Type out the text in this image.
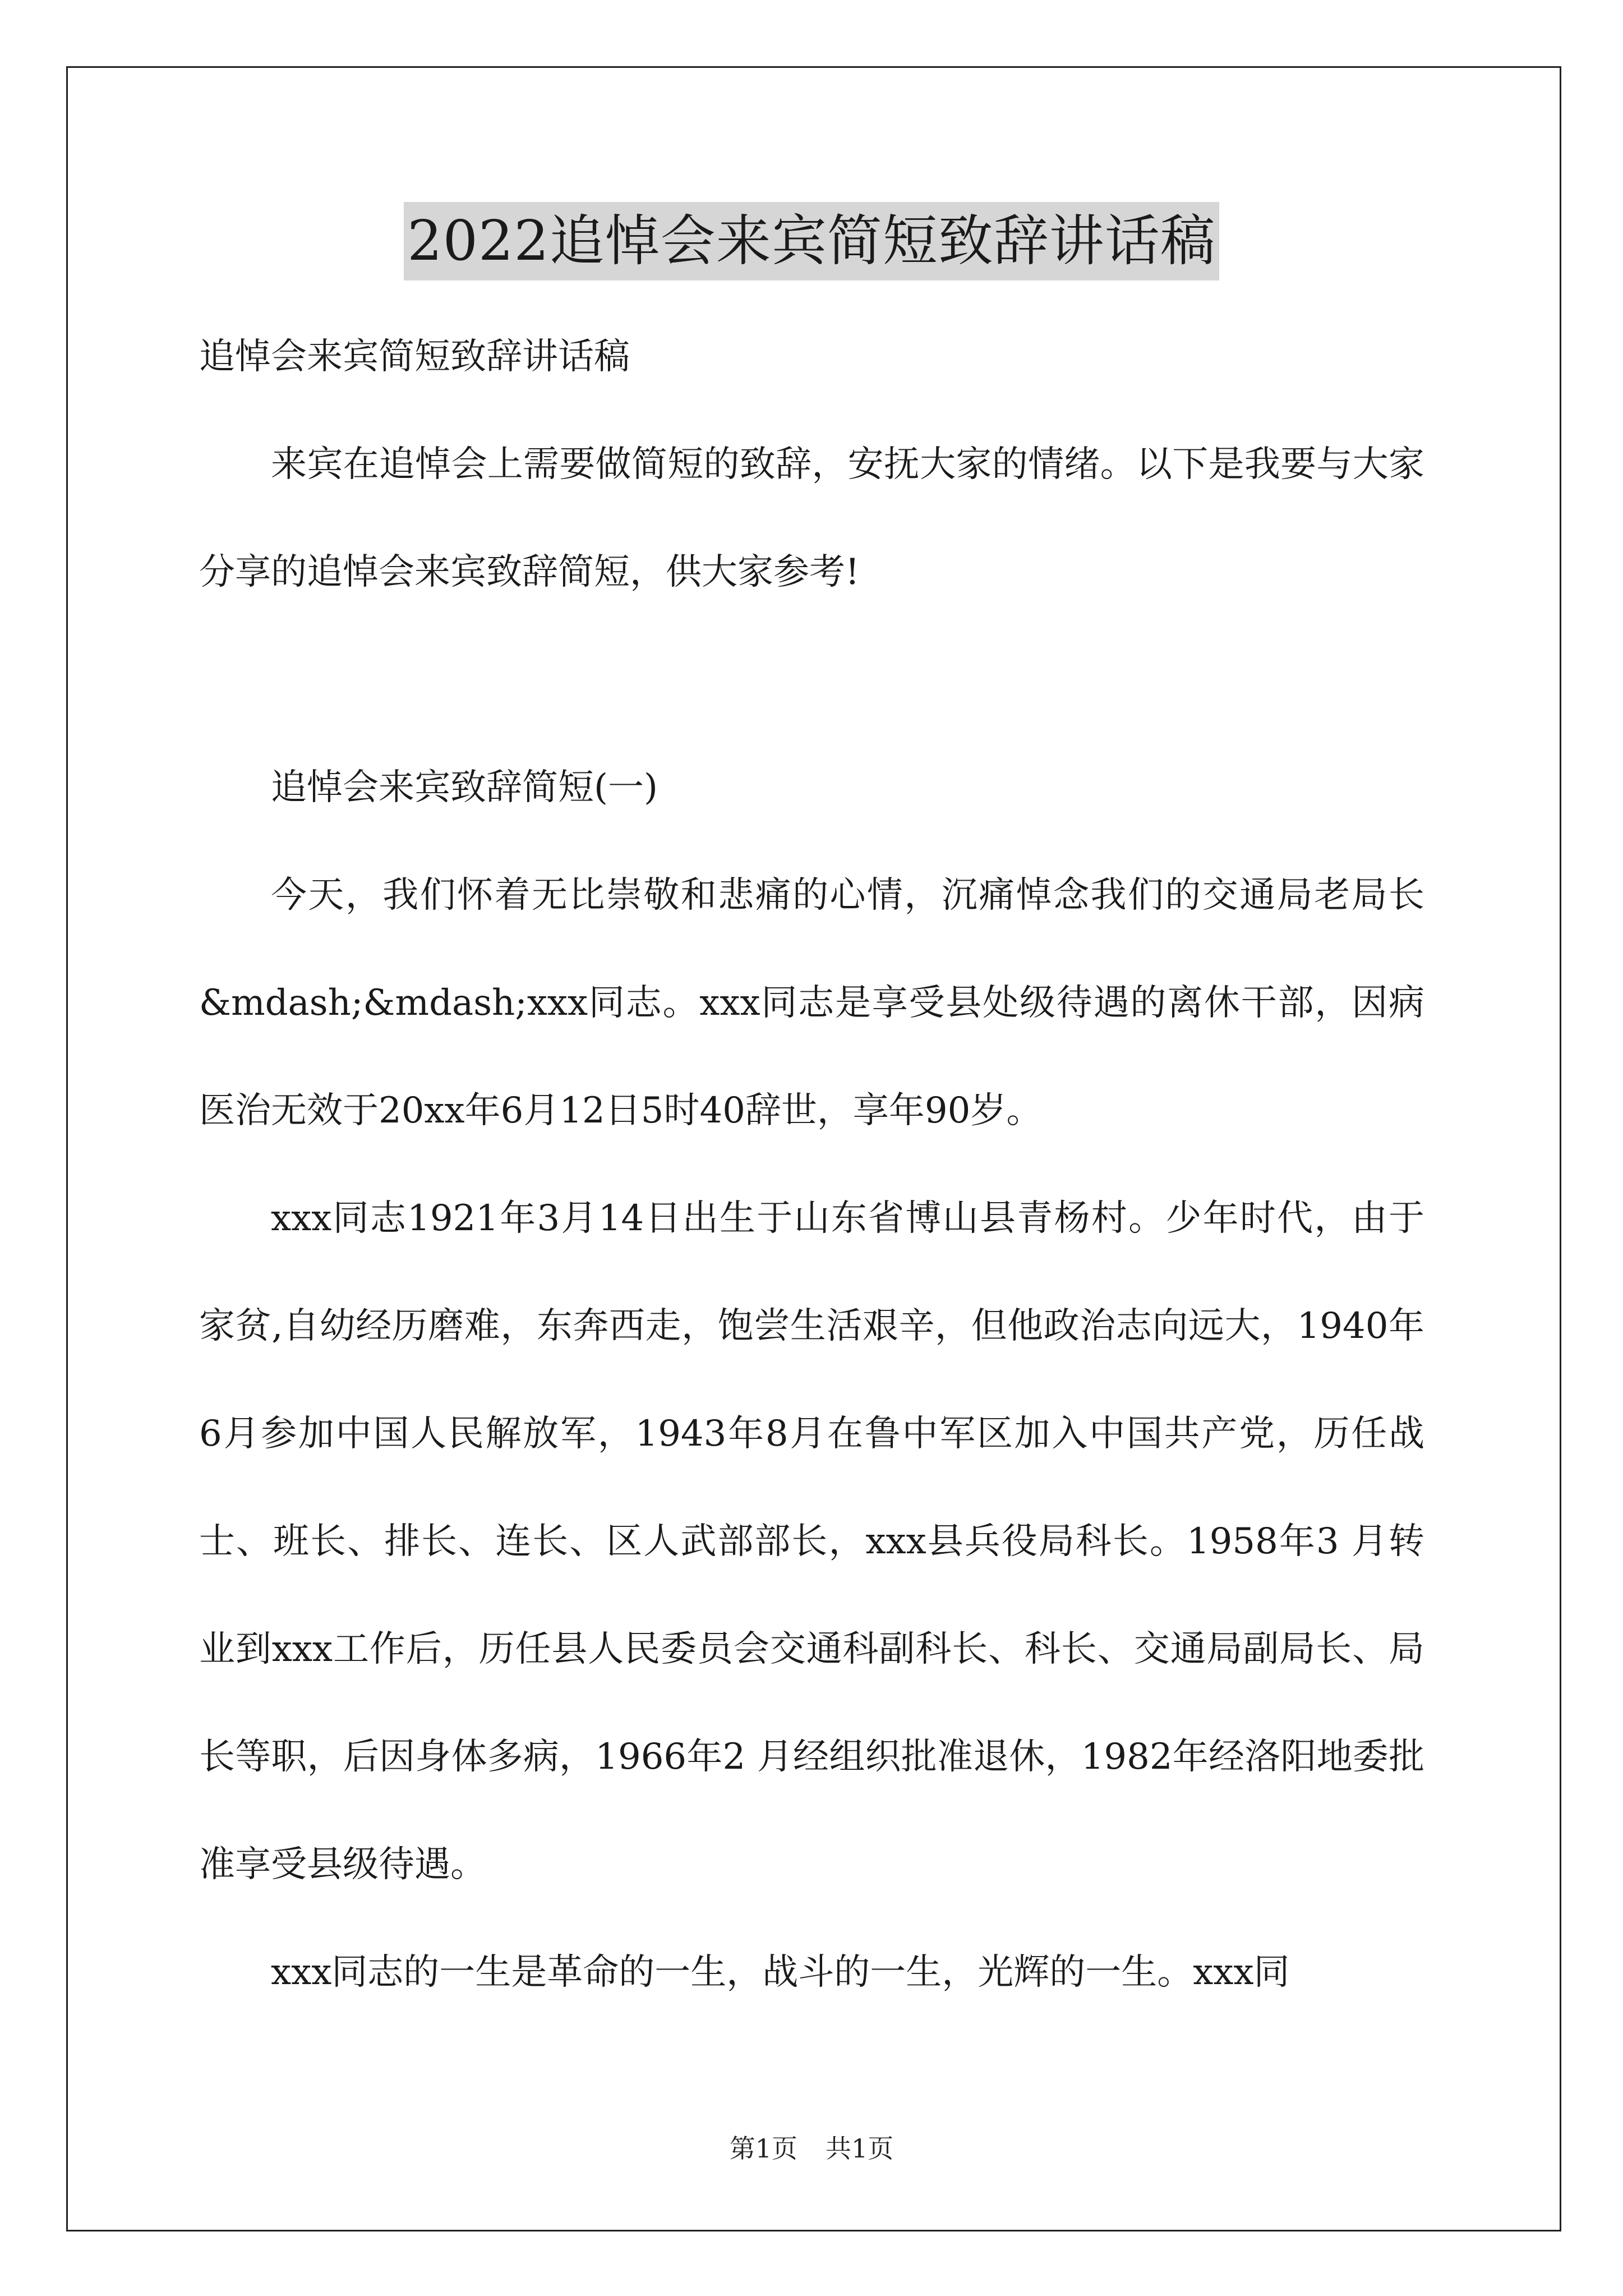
2022追悼会来宾简短致辞讲话稿

追悼会来宾简短致辞讲话稿

来宾在追悼会上需要做简短的致辞，安抚大家的情绪。以下是我要与大家分享的追悼会来宾致辞简短，供大家参考!

追悼会来宾致辞简短(一)

今天，我们怀着无比崇敬和悲痛的心情，沉痛悼念我们的交通局老局长&mdash;&mdash;xxx同志。xxx同志是享受县处级待遇的离休干部，因病医治无效于20xx年6月12日5时40辞世，享年90岁。

xxx同志1921年3月14日出生于山东省博山县青杨村。少年时代，由于家贫,自幼经历磨难，东奔西走，饱尝生活艰辛，但他政治志向远大，1940年6月参加中国人民解放军，1943年8月在鲁中军区加入中国共产党，历任战士、班长、排长、连长、区人武部部长，xxx县兵役局科长。1958年3 月转业到xxx工作后，历任县人民委员会交通科副科长、科长、交通局副局长、局长等职，后因身体多病，1966年2 月经组织批准退休，1982年经洛阳地委批准享受县级待遇。

xxx同志的一生是革命的一生，战斗的一生，光辉的一生。xxx同

第1页 共1页
